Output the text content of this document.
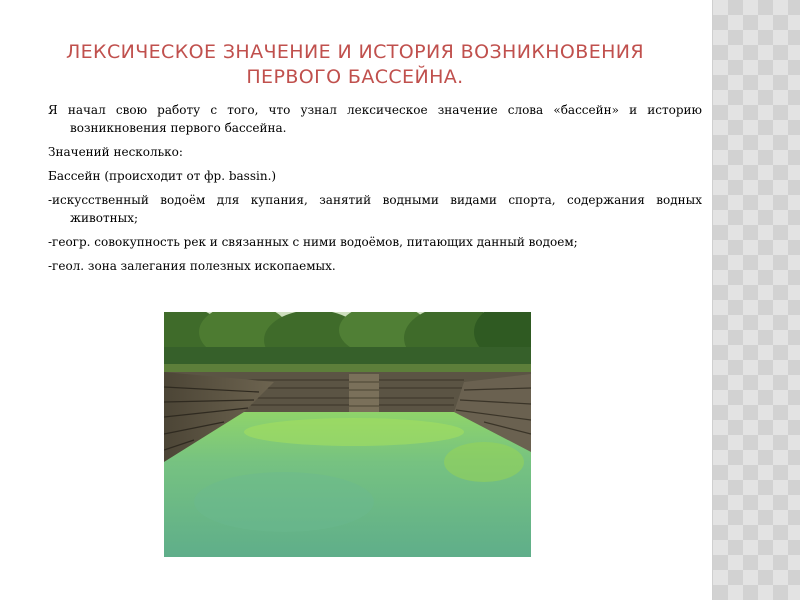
ЛЕКСИЧЕСКОЕ ЗНАЧЕНИЕ И ИСТОРИЯ ВОЗНИКНОВЕНИЯ
ПЕРВОГО БАССЕЙНА.

Я начал свою работу с того, что узнал лексическое значение слова «бассейн» и историю возникновения первого бассейна.

Значений несколько:

Бассейн (происходит от фр. bassin.)

-искусственный водоём для купания, занятий водными видами спорта, содержания водных животных;

-геогр. совокупность рек и связанных с ними водоёмов, питающих данный водоем;

-геол. зона залегания полезных ископаемых.
